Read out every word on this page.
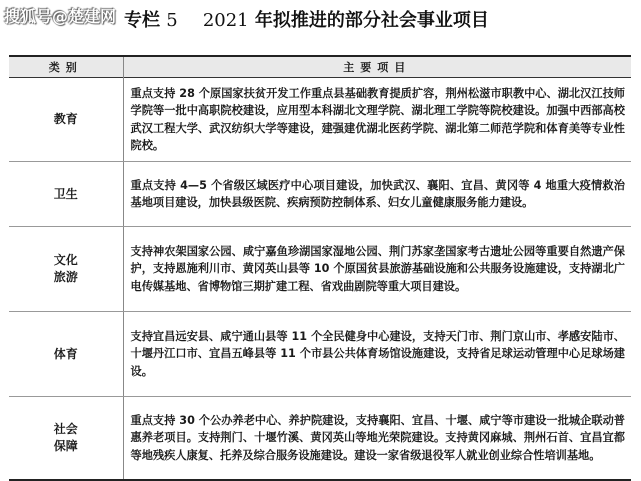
搜狐号@楚建网 专栏 5 2021 年拟推进的部分社会事业项目
类别	主要项目

教育	重点支持 28 个原国家扶贫开发工作重点县基础教育提质扩容，荆州松滋市职教中心、湖北汉江技师学院等一批中高职院校建设，应用型本科湖北文理学院、湖北理工学院等院校建设。加强中西部高校武汉工程大学、武汉纺织大学等建设，建强建优湖北医药学院、湖北第二师范学院和体育美等专业性院校。

卫生	重点支持 4—5 个省级区域医疗中心项目建设，加快武汉、襄阳、宜昌、黄冈等 4 地重大疫情救治基地项目建设，加快县级医院、疾病预防控制体系、妇女儿童健康服务能力建设。

文化
旅游	支持神农架国家公园、咸宁嘉鱼珍湖国家湿地公园、荆门苏家垄国家考古遗址公园等重要自然遗产保护，支持恩施利川市、黄冈英山县等 10 个原国贫县旅游基础设施和公共服务设施建设，支持湖北广电传媒基地、省博物馆三期扩建工程、省戏曲剧院等重大项目建设。

体育	支持宜昌远安县、咸宁通山县等 11 个全民健身中心建设，支持天门市、荆门京山市、孝感安陆市、十堰丹江口市、宜昌五峰县等 11 个市县公共体育场馆设施建设，支持省足球运动管理中心足球场建设。

社会
保障	重点支持 30 个公办养老中心、养护院建设，支持襄阳、宜昌、十堰、咸宁等市建设一批城企联动普惠养老项目。支持荆门、十堰竹溪、黄冈英山等地光荣院建设。支持黄冈麻城、荆州石首、宜昌宜都等地残疾人康复、托养及综合服务设施建设。建设一家省级退役军人就业创业综合性培训基地。
